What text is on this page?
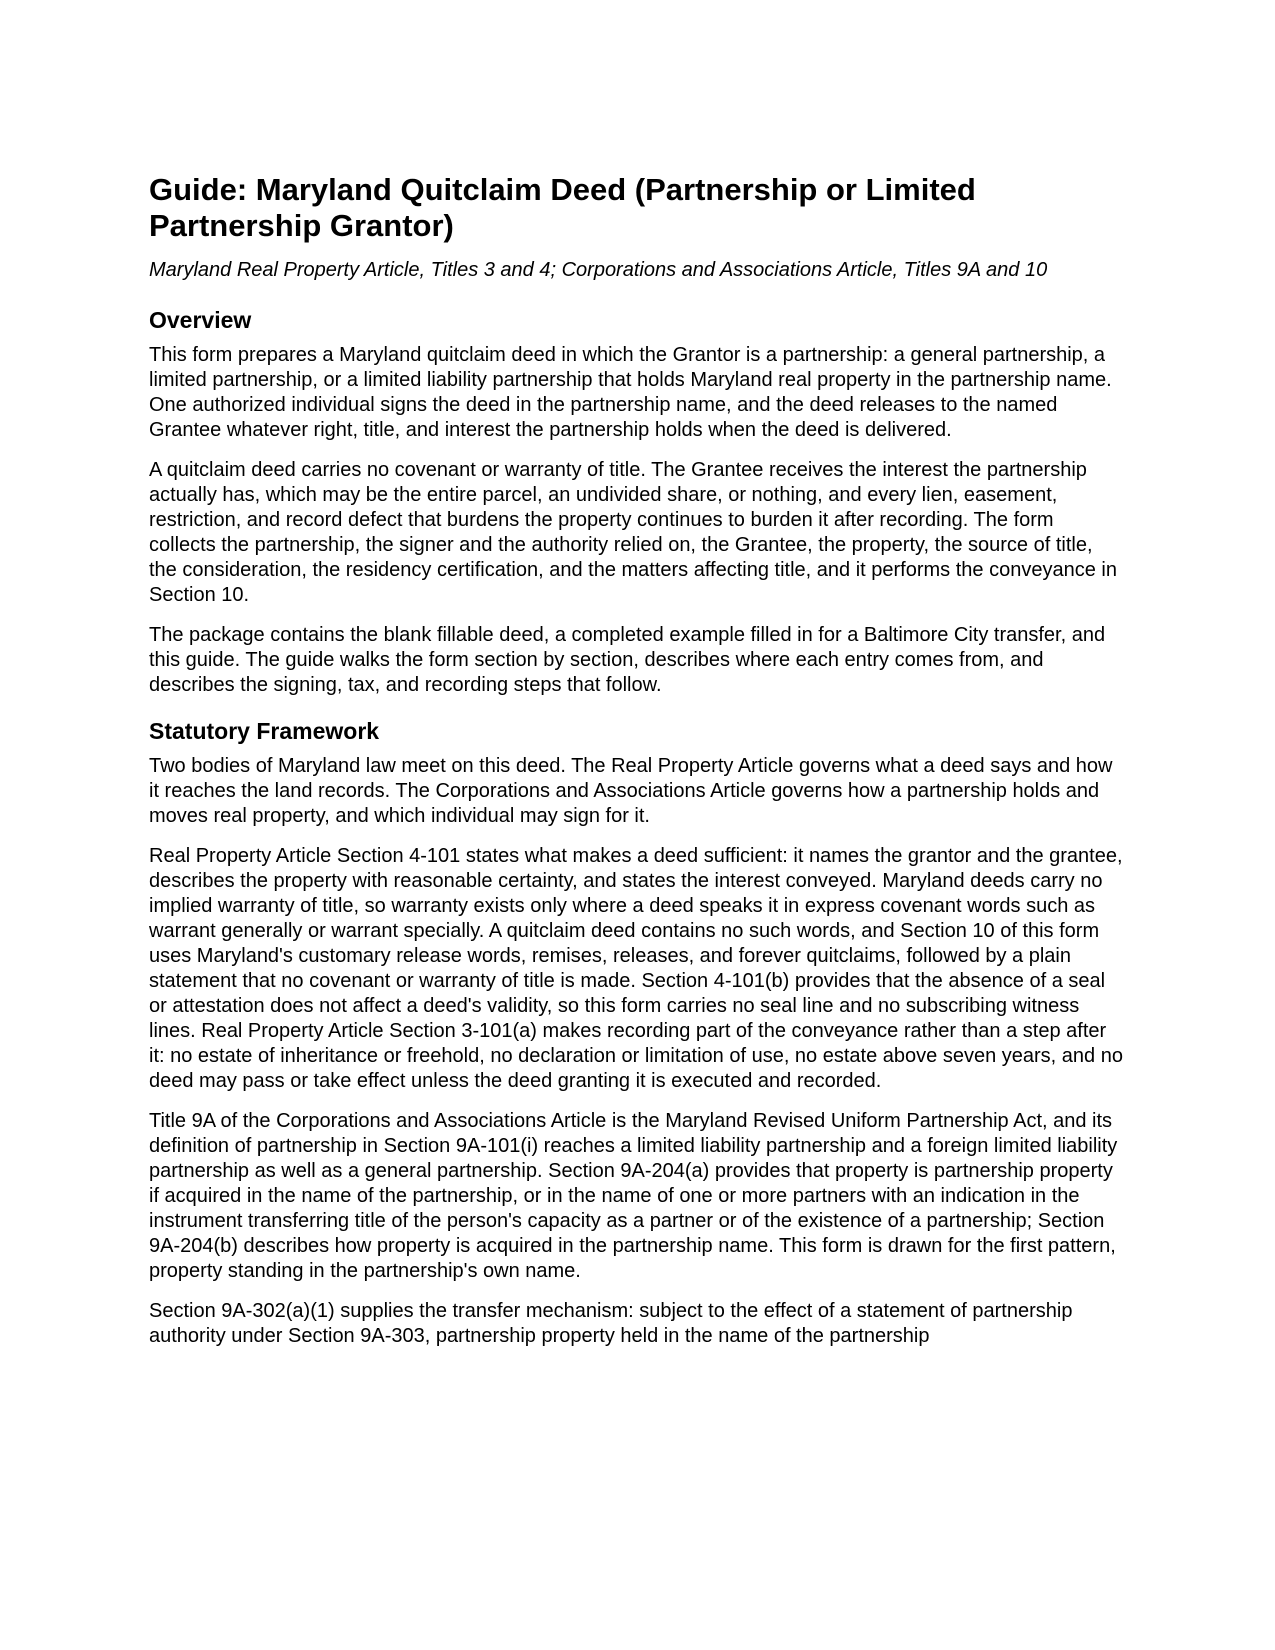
Guide: Maryland Quitclaim Deed (Partnership or Limited Partnership Grantor)

Maryland Real Property Article, Titles 3 and 4; Corporations and Associations Article, Titles 9A and 10

Overview

This form prepares a Maryland quitclaim deed in which the Grantor is a partnership: a general partnership, a limited partnership, or a limited liability partnership that holds Maryland real property in the partnership name. One authorized individual signs the deed in the partnership name, and the deed releases to the named Grantee whatever right, title, and interest the partnership holds when the deed is delivered.

A quitclaim deed carries no covenant or warranty of title. The Grantee receives the interest the partnership actually has, which may be the entire parcel, an undivided share, or nothing, and every lien, easement, restriction, and record defect that burdens the property continues to burden it after recording. The form collects the partnership, the signer and the authority relied on, the Grantee, the property, the source of title, the consideration, the residency certification, and the matters affecting title, and it performs the conveyance in Section 10.

The package contains the blank fillable deed, a completed example filled in for a Baltimore City transfer, and this guide. The guide walks the form section by section, describes where each entry comes from, and describes the signing, tax, and recording steps that follow.

Statutory Framework

Two bodies of Maryland law meet on this deed. The Real Property Article governs what a deed says and how it reaches the land records. The Corporations and Associations Article governs how a partnership holds and moves real property, and which individual may sign for it.

Real Property Article Section 4-101 states what makes a deed sufficient: it names the grantor and the grantee, describes the property with reasonable certainty, and states the interest conveyed. Maryland deeds carry no implied warranty of title, so warranty exists only where a deed speaks it in express covenant words such as warrant generally or warrant specially. A quitclaim deed contains no such words, and Section 10 of this form uses Maryland's customary release words, remises, releases, and forever quitclaims, followed by a plain statement that no covenant or warranty of title is made. Section 4-101(b) provides that the absence of a seal or attestation does not affect a deed's validity, so this form carries no seal line and no subscribing witness lines. Real Property Article Section 3-101(a) makes recording part of the conveyance rather than a step after it: no estate of inheritance or freehold, no declaration or limitation of use, no estate above seven years, and no deed may pass or take effect unless the deed granting it is executed and recorded.

Title 9A of the Corporations and Associations Article is the Maryland Revised Uniform Partnership Act, and its definition of partnership in Section 9A-101(i) reaches a limited liability partnership and a foreign limited liability partnership as well as a general partnership. Section 9A-204(a) provides that property is partnership property if acquired in the name of the partnership, or in the name of one or more partners with an indication in the instrument transferring title of the person's capacity as a partner or of the existence of a partnership; Section 9A-204(b) describes how property is acquired in the partnership name. This form is drawn for the first pattern, property standing in the partnership's own name.

Section 9A-302(a)(1) supplies the transfer mechanism: subject to the effect of a statement of partnership authority under Section 9A-303, partnership property held in the name of the partnership
